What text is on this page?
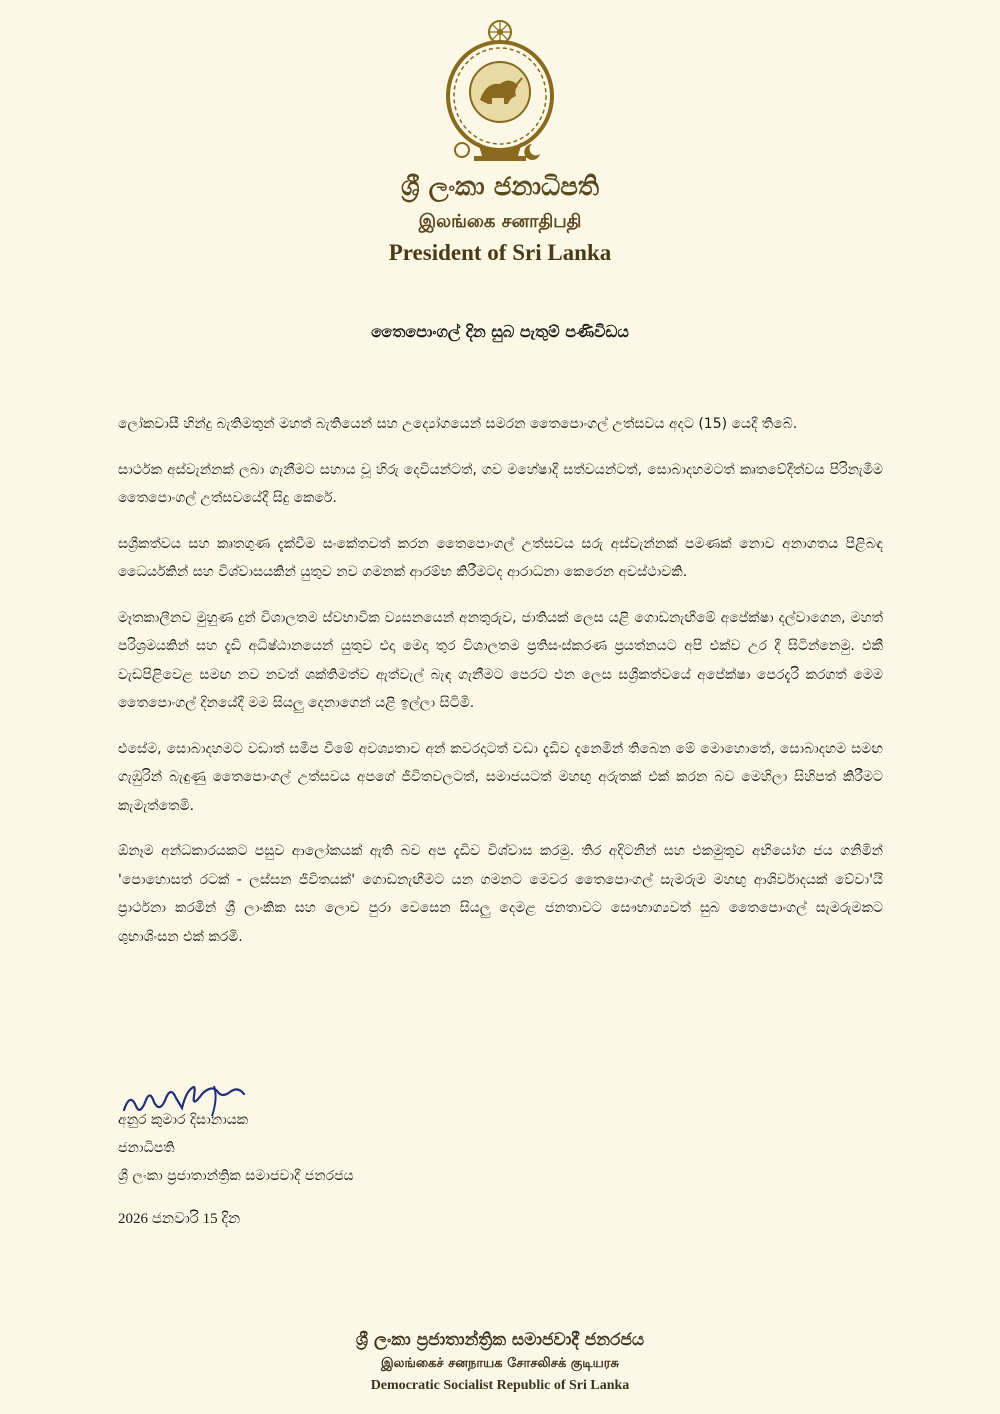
ශ්‍රී ලංකා ජනාධිපති
இலங்கை சனாதிபதி
President of Sri Lanka
තෛපොංගල් දින සුබ පැතුම් පණිවිඩය

ලෝකවාසී හින්දු බැතිමතුන් මහත් බැතියෙන් සහ උද්‍යෝගයෙන් සමරන තෛපොංගල් උත්සවය අදට (15) යෙදී තිබේ.

සාර්ථක අස්වැන්නක් ලබා ගැනීමට සහාය වූ හිරු දෙවියන්ටත්, ගව මහේෂාදී සත්වයන්ටත්, සොබාදහමටත් කෘතවේදීත්වය පිරිනැමීම තෛපොංගල් උත්සවයේදී සිදු කෙරේ.

සශ්‍රීකත්වය සහ කෘතගුණ දැක්වීම සංකේතවත් කරන තෛපොංගල් උත්සවය සරු අස්වැන්නක් පමණක් නොව අනාගතය පිළිබඳ ධෛර්යකින් සහ විශ්වාසයකින් යුතුව නව ගමනක් ආරම්භ කිරීමටද ආරාධනා කෙරෙන අවස්ථාවකි.

මෑතකාලීනව මුහුණ දුන් විශාලතම ස්වභාවික ව්‍යසනයෙන් අනතුරුව, ජාතියක් ලෙස යළි ගොඩනැඟීමේ අපේක්ෂා දල්වාගෙන, මහත් පරිශ්‍රමයකින් සහ දැඩි අධිෂ්ඨානයෙන් යුතුව එදා මෙදා තුර විශාලතම ප්‍රතිසංස්කරණ ප්‍රයත්නයට අපි එක්ව උර දී සිටින්නෙමු. එකී වැඩපිළිවෙළ සමඟ නව නවත් ශක්තිමත්ව ඇත්වැල් බැඳ ගැනීමට පෙරට එන ලෙස සශ්‍රීකත්වයේ අපේක්ෂා පෙරදැරි කරගත් මෙම තෛපොංගල් දිනයේදී මම සියලු දෙනාගෙන් යළි ඉල්ලා සිටිමි.

එසේම, සොබාදහමට වඩාත් සමීප වීමේ අවශ්‍යතාව අන් කවරදාටත් වඩා දැඩිව දැනෙමින් තිබෙන මේ මොහොතේ, සොබාදහම සමඟ ගැඹුරින් බැඳුණු තෛපොංගල් උත්සවය අපගේ ජීවිතවලටත්, සමාජයටත් මහඟු අරුතක් එක් කරන බව මෙහිලා සිහිපත් කිරීමට කැමැත්තෙමි.

ඕනෑම අන්ධකාරයකට පසුව ආලෝකයක් ඇති බව අප දැඩිව විශ්වාස කරමු. තිර අදිටනින් සහ එකමුතුව අභියෝග ජය ගනිමින් 'පොහොසත් රටක් - ලස්සන ජීවිතයක්' ගොඩනැඟීමට යන ගමනට මෙවර තෛපොංගල් සැමරුම මහඟු ආශිර්වාදයක් වේවා'යි ප්‍රාර්ථනා කරමින් ශ්‍රී ලාංකික සහ ලොව පුරා වෙසෙන සියලු දෙමළ ජනතාවට සෞභාග්‍යවත් සුබ තෛපොංගල් සැමරුමකට ශුභාශිංසන එක් කරමි.

අනුර කුමාර දිසානායක
ජනාධිපති
ශ්‍රී ලංකා ප්‍රජාතාන්ත්‍රික සමාජවාදී ජනරජය
2026 ජනවාරි 15 දින
ශ්‍රී ලංකා ප්‍රජාතාන්ත්‍රික සමාජවාදී ජනරජය
இலங்கைச் சனநாயக சோசலிசக் குடியரசு
Democratic Socialist Republic of Sri Lanka
